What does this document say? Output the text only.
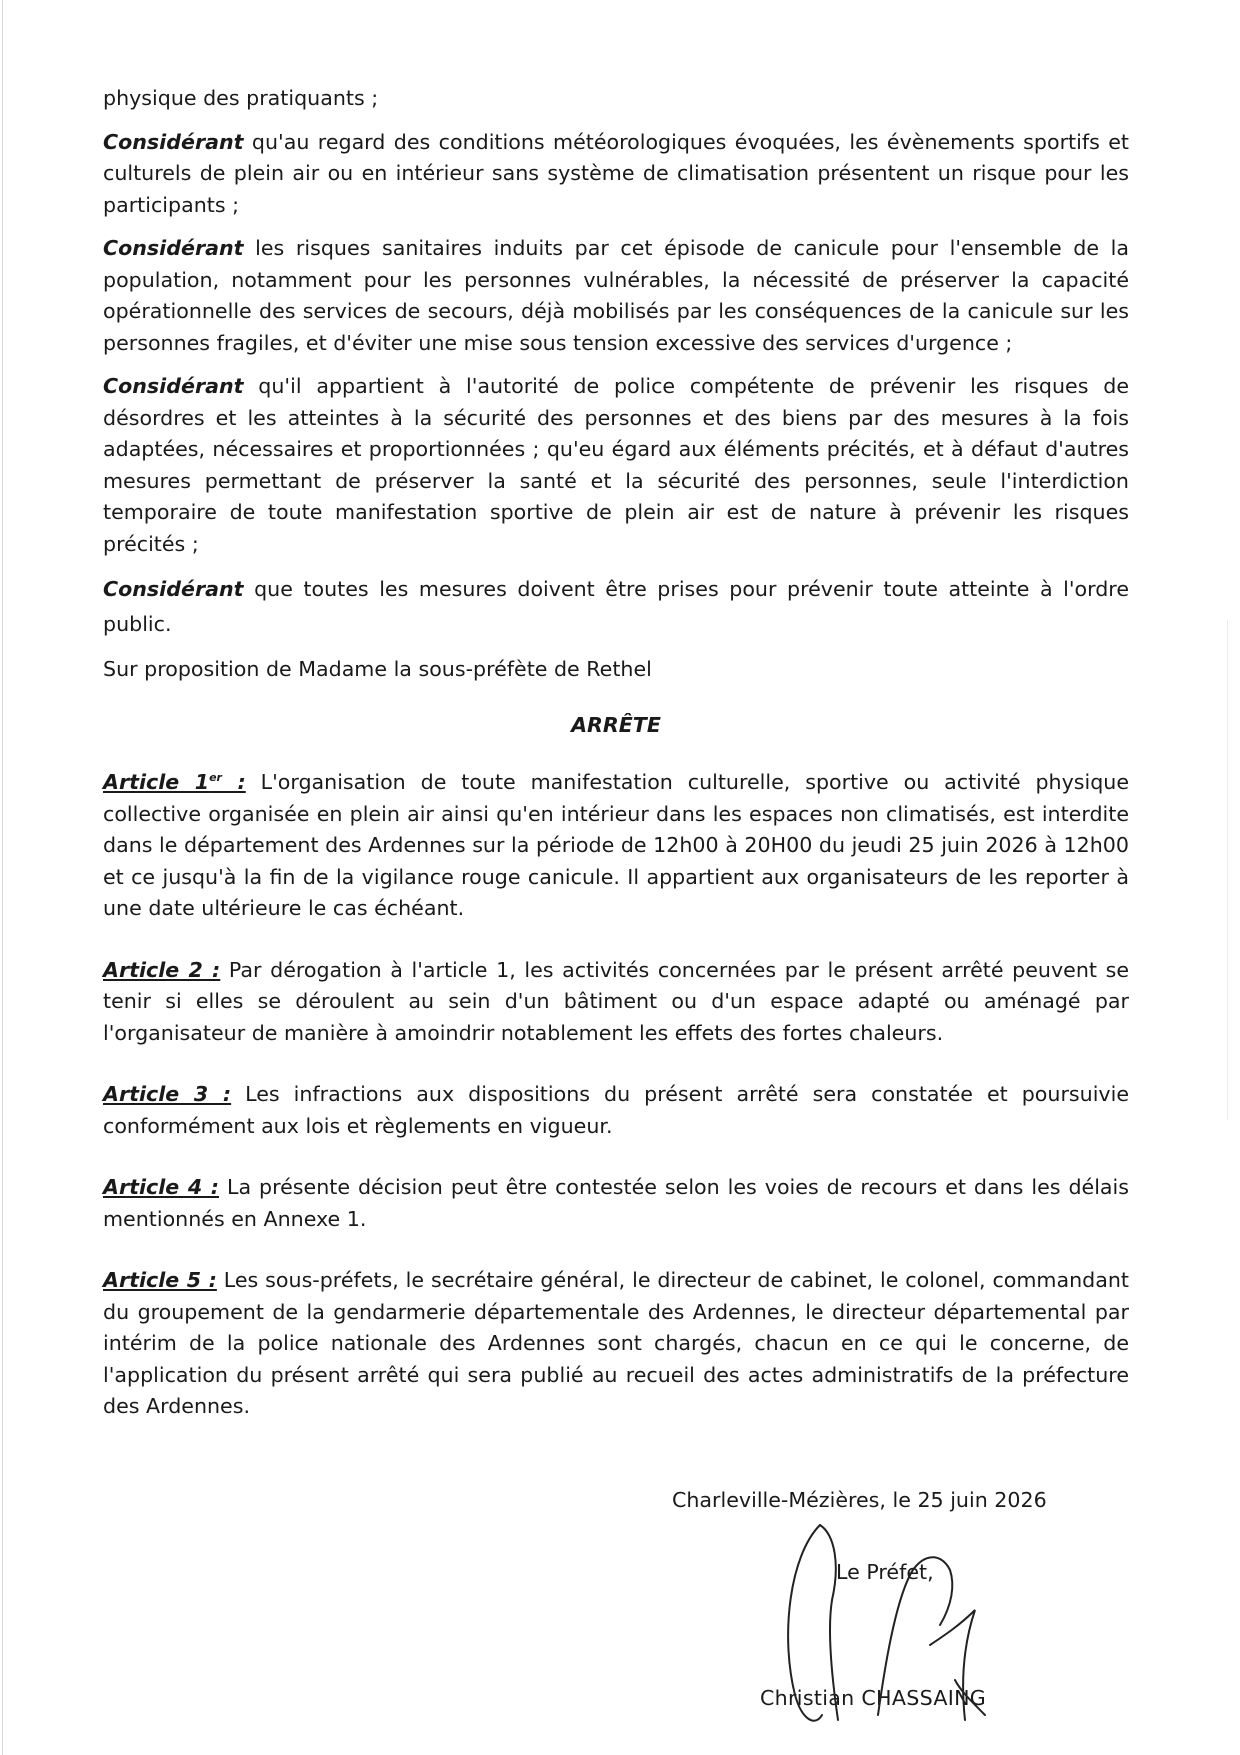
physique des pratiquants ;

Considérant qu'au regard des conditions météorologiques évoquées, les évènements sportifs et culturels de plein air ou en intérieur sans système de climatisation présentent un risque pour les participants ;

Considérant les risques sanitaires induits par cet épisode de canicule pour l'ensemble de la population, notamment pour les personnes vulnérables, la nécessité de préserver la capacité opérationnelle des services de secours, déjà mobilisés par les conséquences de la canicule sur les personnes fragiles, et d'éviter une mise sous tension excessive des services d'urgence ;

Considérant qu'il appartient à l'autorité de police compétente de prévenir les risques de désordres et les atteintes à la sécurité des personnes et des biens par des mesures à la fois adaptées, nécessaires et proportionnées ; qu'eu égard aux éléments précités, et à défaut d'autres mesures permettant de préserver la santé et la sécurité des personnes, seule l'interdiction temporaire de toute manifestation sportive de plein air est de nature à prévenir les risques précités ;

Considérant que toutes les mesures doivent être prises pour prévenir toute atteinte à l'ordre public.

Sur proposition de Madame la sous-préfète de Rethel

ARRÊTE

Article 1er : L'organisation de toute manifestation culturelle, sportive ou activité physique collective organisée en plein air ainsi qu'en intérieur dans les espaces non climatisés, est interdite dans le département des Ardennes sur la période de 12h00 à 20H00 du jeudi 25 juin 2026 à 12h00 et ce jusqu'à la fin de la vigilance rouge canicule. Il appartient aux organisateurs de les reporter à une date ultérieure le cas échéant.

Article 2 : Par dérogation à l'article 1, les activités concernées par le présent arrêté peuvent se tenir si elles se déroulent au sein d'un bâtiment ou d'un espace adapté ou aménagé par l'organisateur de manière à amoindrir notablement les effets des fortes chaleurs.

Article 3 : Les infractions aux dispositions du présent arrêté sera constatée et poursuivie conformément aux lois et règlements en vigueur.

Article 4 : La présente décision peut être contestée selon les voies de recours et dans les délais mentionnés en Annexe 1.

Article 5 : Les sous-préfets, le secrétaire général, le directeur de cabinet, le colonel, commandant du groupement de la gendarmerie départementale des Ardennes, le directeur départemental par intérim de la police nationale des Ardennes sont chargés, chacun en ce qui le concerne, de l'application du présent arrêté qui sera publié au recueil des actes administratifs de la préfecture des Ardennes.

Charleville-Mézières, le 25 juin 2026
Le Préfet,
Christian CHASSAING
